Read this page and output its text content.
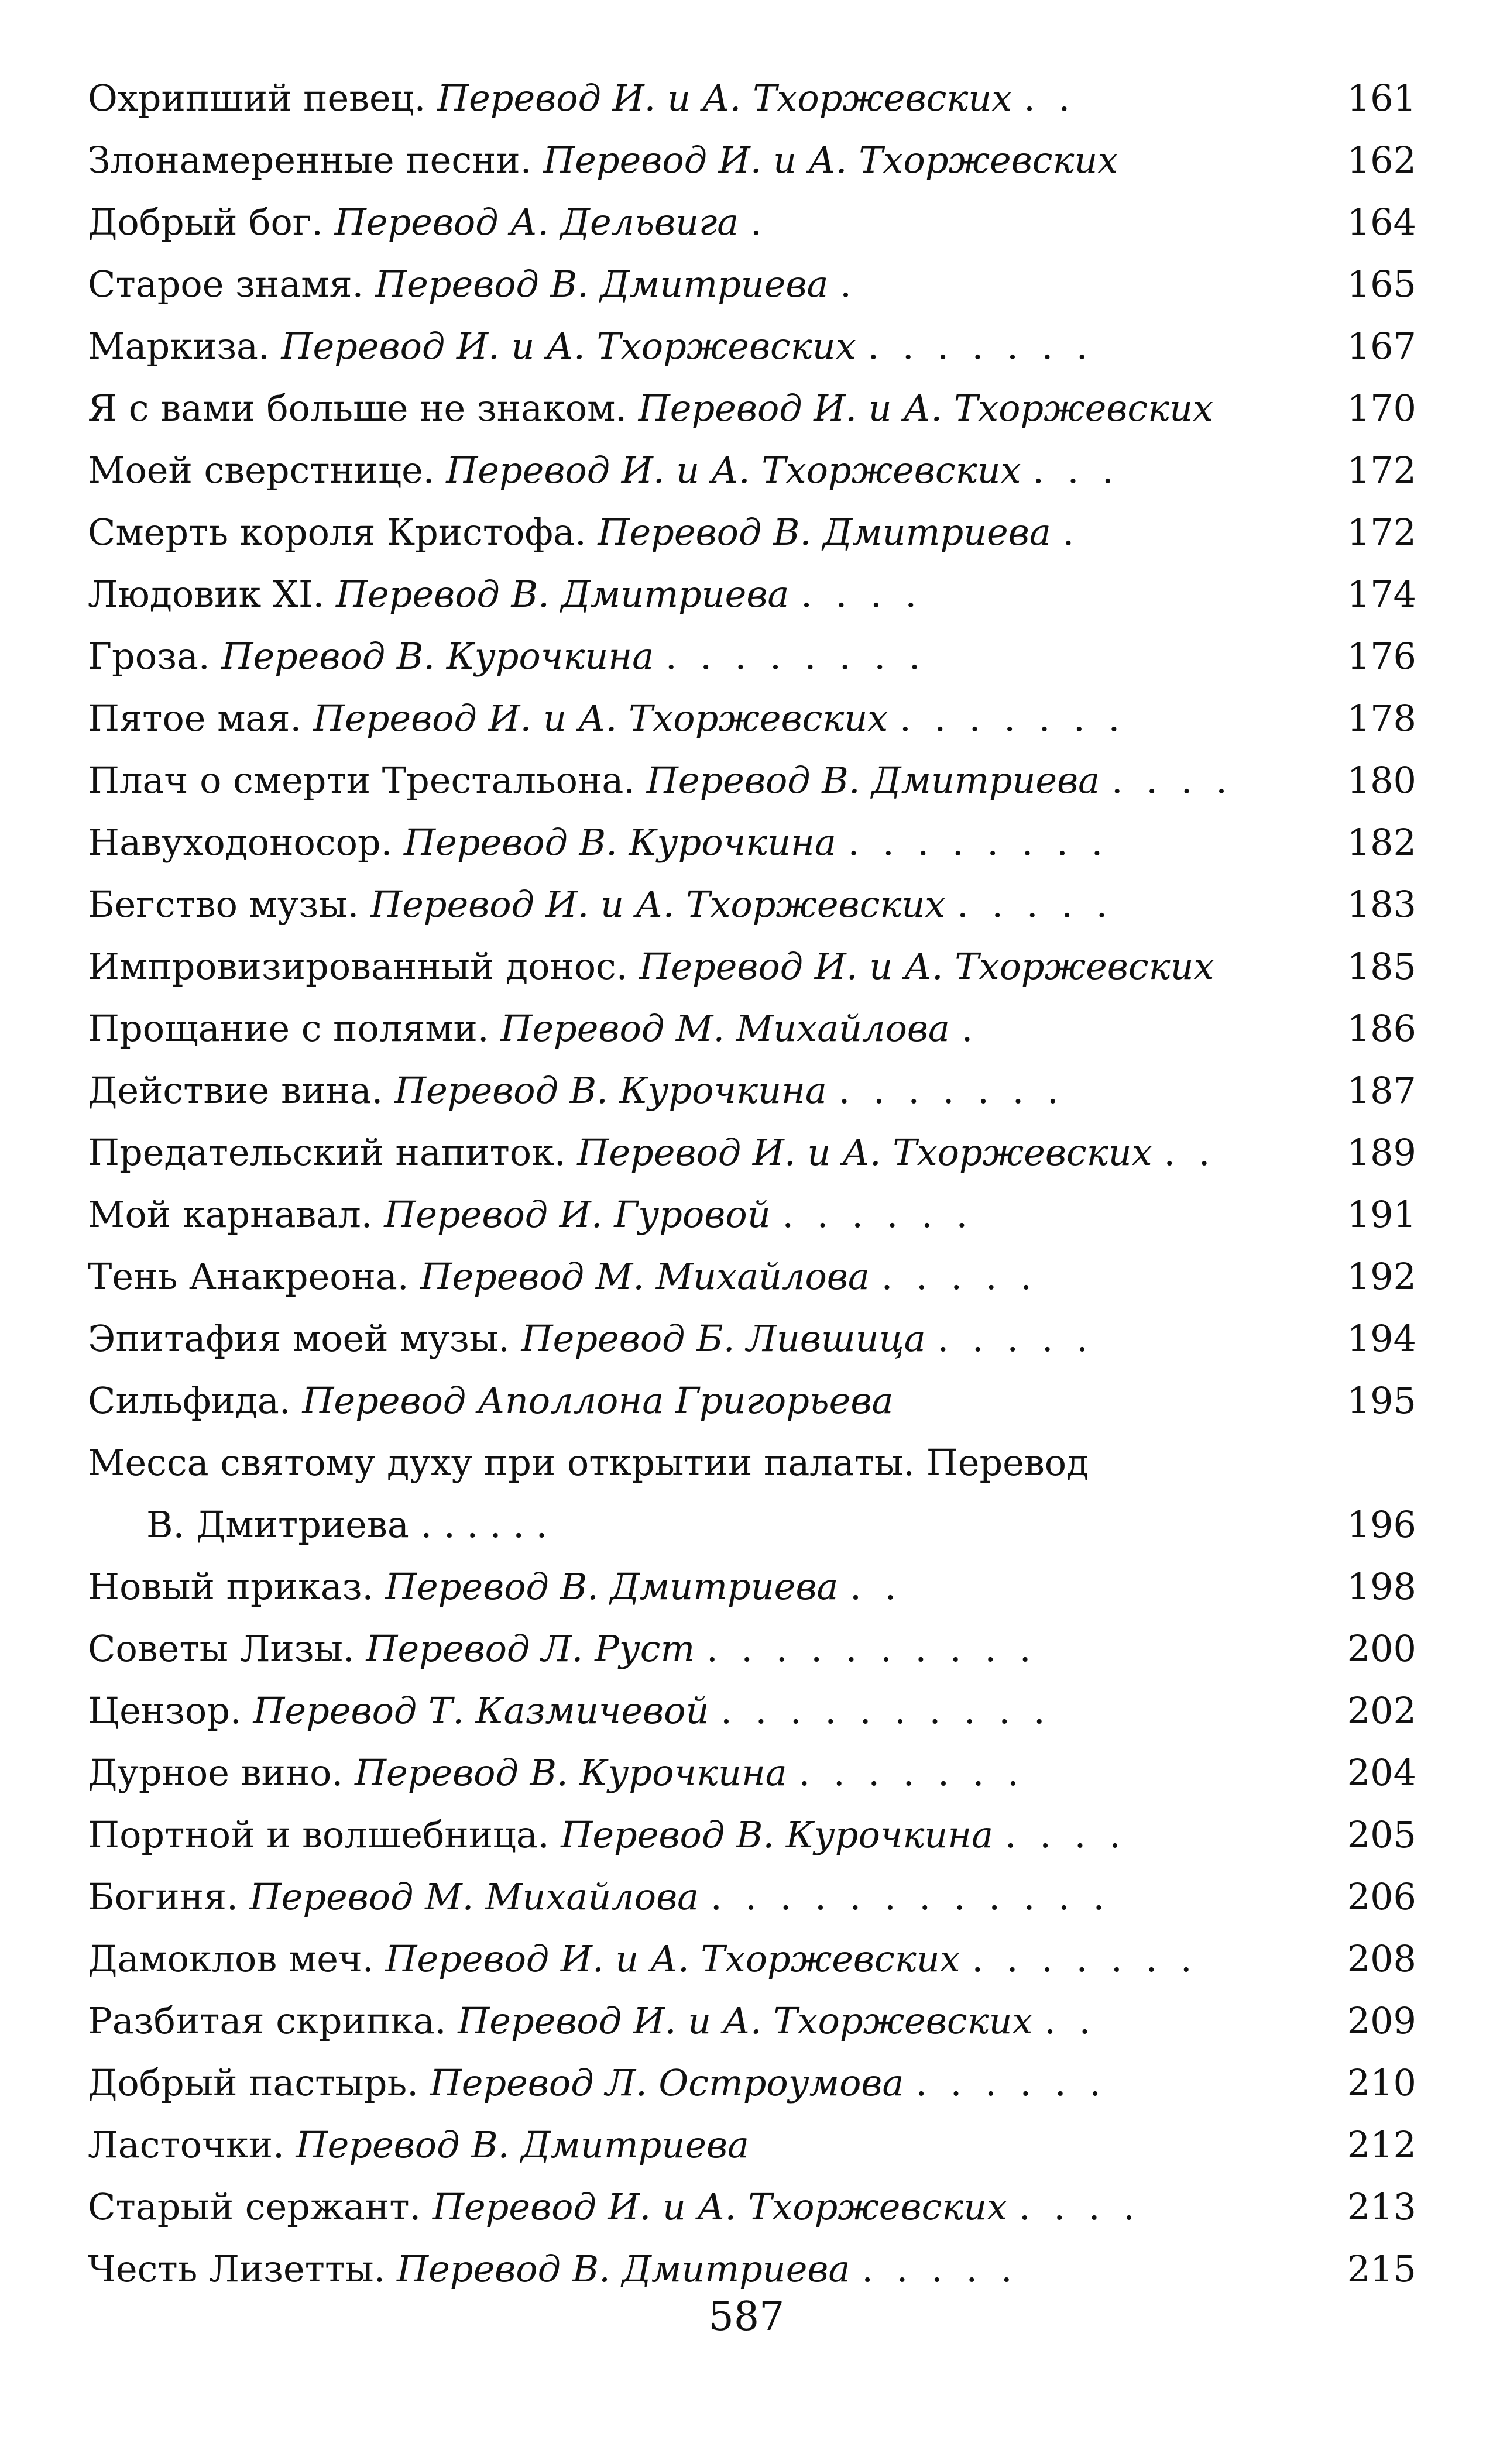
Охрипший певец. Перевод И. и А. Тхоржевских . .	161
Злонамеренные песни. Перевод И. и А. Тхоржевских	162
Добрый бог. Перевод А. Дельвига .	164
Старое знамя. Перевод В. Дмитриева .	165
Маркиза. Перевод И. и А. Тхоржевских . . . . . . .	167
Я с вами больше не знаком. Перевод И. и А. Тхоржевских	170
Моей сверстнице. Перевод И. и А. Тхоржевских . . .	172
Смерть короля Кристофа. Перевод В. Дмитриева .	172
Людовик XI. Перевод В. Дмитриева . . . .	174
Гроза. Перевод В. Курочкина . . . . . . . .	176
Пятое мая. Перевод И. и А. Тхоржевских . . . . . . .	178
Плач о смерти Трестальона. Перевод В. Дмитриева . . . .	180
Навуходоносор. Перевод В. Курочкина . . . . . . . .	182
Бегство музы. Перевод И. и А. Тхоржевских . . . . .	183
Импровизированный донос. Перевод И. и А. Тхоржевских	185
Прощание с полями. Перевод М. Михайлова .	186
Действие вина. Перевод В. Курочкина . . . . . . .	187
Предательский напиток. Перевод И. и А. Тхоржевских . .	189
Мой карнавал. Перевод И. Гуровой . . . . . .	191
Тень Анакреона. Перевод М. Михайлова . . . . .	192
Эпитафия моей музы. Перевод Б. Лившица . . . . .	194
Сильфида. Перевод Аполлона Григорьева	195
Месса святому духу при открытии палаты. Перевод
В. Дмитриева . . . . . .	196
Новый приказ. Перевод В. Дмитриева . .	198
Советы Лизы. Перевод Л. Руст . . . . . . . . . .	200
Цензор. Перевод Т. Казмичевой . . . . . . . . . .	202
Дурное вино. Перевод В. Курочкина . . . . . . .	204
Портной и волшебница. Перевод В. Курочкина . . . .	205
Богиня. Перевод М. Михайлова . . . . . . . . . . . .	206
Дамоклов меч. Перевод И. и А. Тхоржевских . . . . . . .	208
Разбитая скрипка. Перевод И. и А. Тхоржевских . .	209
Добрый пастырь. Перевод Л. Остроумова . . . . . .	210
Ласточки. Перевод В. Дмитриева	212
Старый сержант. Перевод И. и А. Тхоржевских . . . .	213
Честь Лизетты. Перевод В. Дмитриева . . . . .	215
587
